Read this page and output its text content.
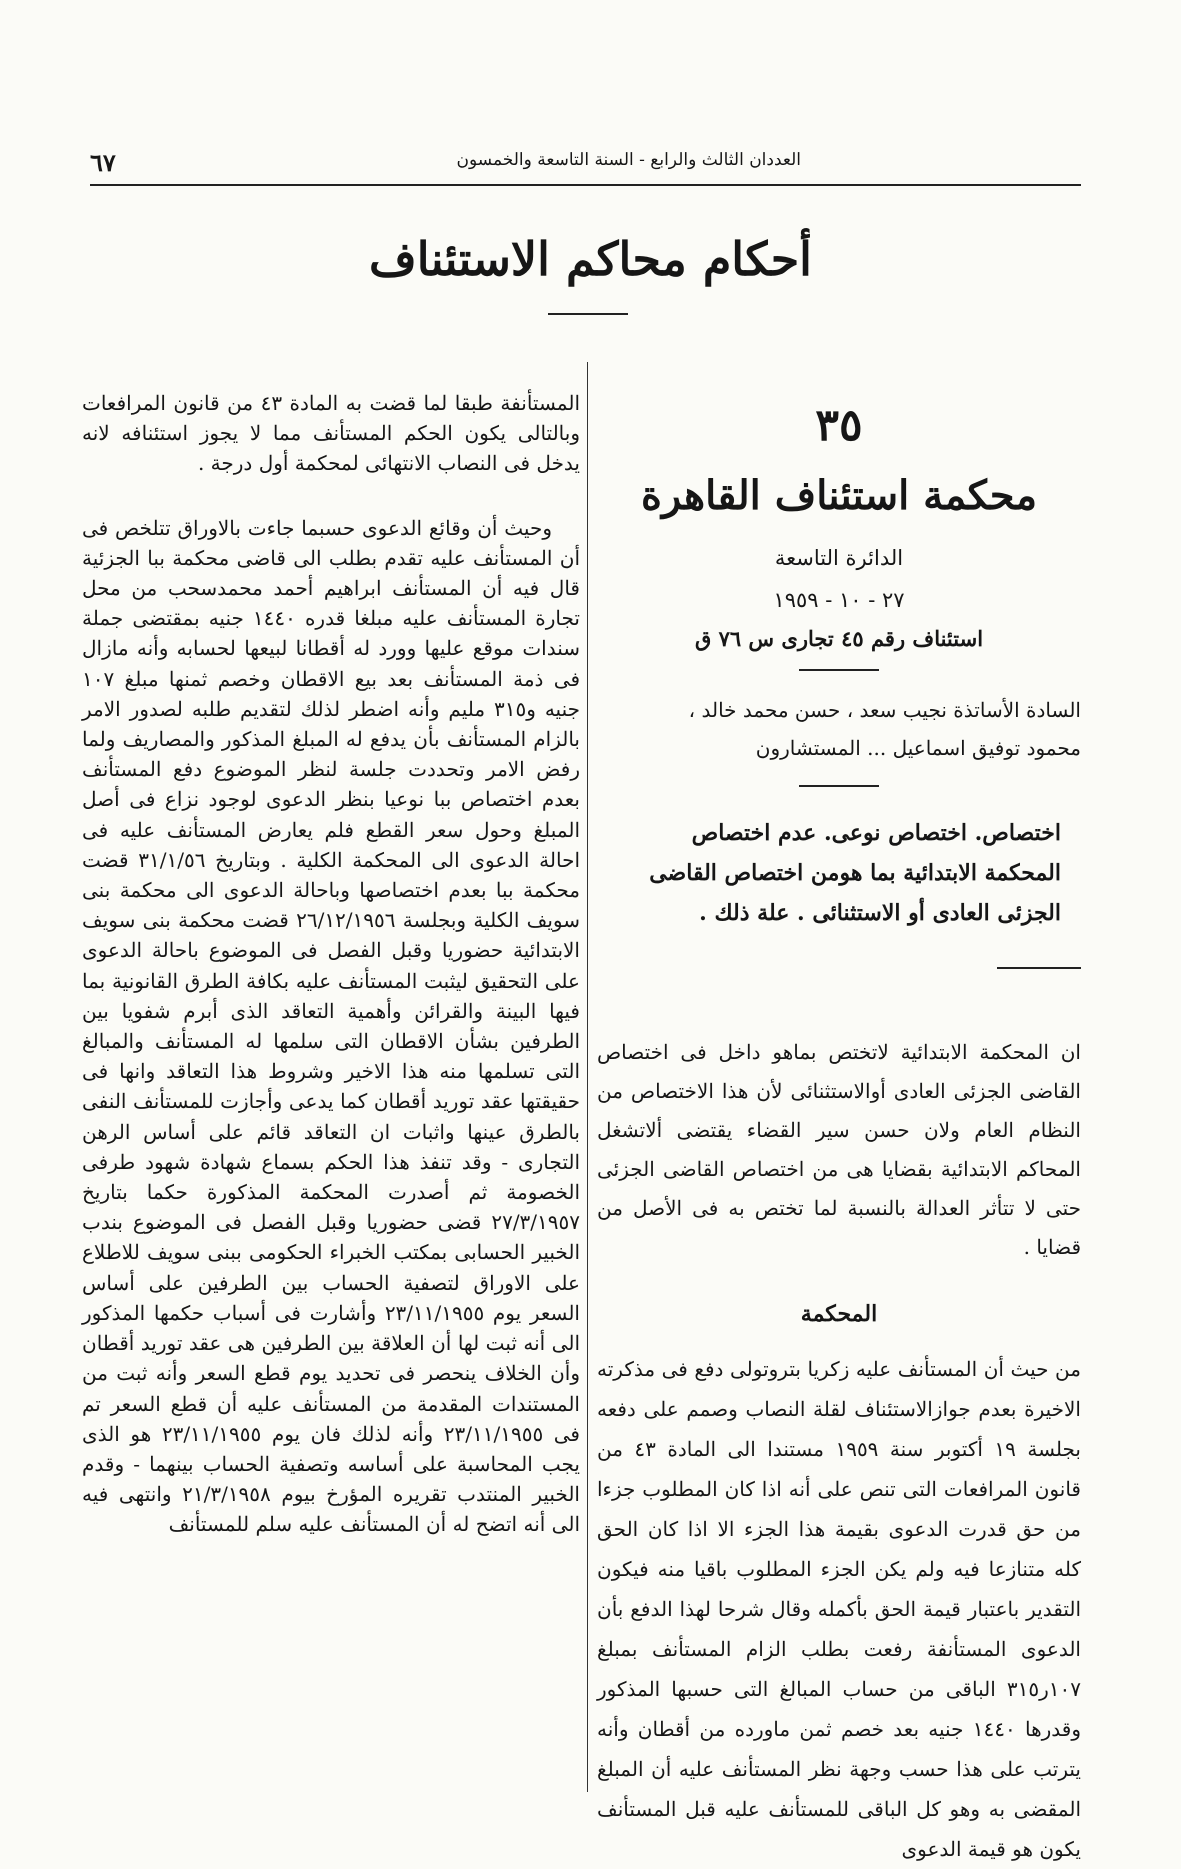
العددان الثالث والرابع - السنة التاسعة والخمسون
٦٧
أحكام محاكم الاستئناف

٣٥

محكمة استئناف القاهرة

الدائرة التاسعة

٢٧ - ١٠ - ١٩٥٩

استئناف رقم ٤٥ تجارى س ٧٦ ق

السادة الأساتذة نجيب سعد ، حسن محمد خالد ،
محمود توفيق اسماعيل ... المستشارون

اختصاص. اختصاص نوعى. عدم اختصاص المحكمة الابتدائية بما هومن اختصاص القاضى الجزئى العادى أو الاستثنائى . علة ذلك .

ان المحكمة الابتدائية لاتختص بماهو داخل فى اختصاص القاضى الجزئى العادى أوالاستثنائى لأن هذا الاختصاص من النظام العام ولان حسن سير القضاء يقتضى ألاتشغل المحاكم الابتدائية بقضايا هى من اختصاص القاضى الجزئى حتى لا تتأثر العدالة بالنسبة لما تختص به فى الأصل من قضايا .

المحكمة

من حيث أن المستأنف عليه زكريا بتروتولى دفع فى مذكرته الاخيرة بعدم جوازالاستئناف لقلة النصاب وصمم على دفعه بجلسة ١٩ أكتوبر سنة ١٩٥٩ مستندا الى المادة ٤٣ من قانون المرافعات التى تنص على أنه اذا كان المطلوب جزءا من حق قدرت الدعوى بقيمة هذا الجزء الا اذا كان الحق كله متنازعا فيه ولم يكن الجزء المطلوب باقيا منه فيكون التقدير باعتبار قيمة الحق بأكمله وقال شرحا لهذا الدفع بأن الدعوى المستأنفة رفعت بطلب الزام المستأنف بمبلغ ١٠٧ر٣١٥ الباقى من حساب المبالغ التى حسبها المذكور وقدرها ١٤٤٠ جنيه بعد خصم ثمن ماورده من أقطان وأنه يترتب على هذا حسب وجهة نظر المستأنف عليه أن المبلغ المقضى به وهو كل الباقى للمستأنف عليه قبل المستأنف يكون هو قيمة الدعوى

المستأنفة طبقا لما قضت به المادة ٤٣ من قانون المرافعات وبالتالى يكون الحكم المستأنف مما لا يجوز استئنافه لانه يدخل فى النصاب الانتهائى لمحكمة أول درجة .

وحيث أن وقائع الدعوى حسبما جاءت بالاوراق تتلخص فى أن المستأنف عليه تقدم بطلب الى قاضى محكمة ببا الجزئية قال فيه أن المستأنف ابراهيم أحمد محمدسحب من محل تجارة المستأنف عليه مبلغا قدره ١٤٤٠ جنيه بمقتضى جملة سندات موقع عليها وورد له أقطانا لبيعها لحسابه وأنه مازال فى ذمة المستأنف بعد بيع الاقطان وخصم ثمنها مبلغ ١٠٧ جنيه و٣١٥ مليم وأنه اضطر لذلك لتقديم طلبه لصدور الامر بالزام المستأنف بأن يدفع له المبلغ المذكور والمصاريف ولما رفض الامر وتحددت جلسة لنظر الموضوع دفع المستأنف بعدم اختصاص ببا نوعيا بنظر الدعوى لوجود نزاع فى أصل المبلغ وحول سعر القطع فلم يعارض المستأنف عليه فى احالة الدعوى الى المحكمة الكلية . وبتاريخ ٣١/١/٥٦ قضت محكمة ببا بعدم اختصاصها وباحالة الدعوى الى محكمة بنى سويف الكلية وبجلسة ٢٦/١٢/١٩٥٦ قضت محكمة بنى سويف الابتدائية حضوريا وقبل الفصل فى الموضوع باحالة الدعوى على التحقيق ليثبت المستأنف عليه بكافة الطرق القانونية بما فيها البينة والقرائن وأهمية التعاقد الذى أبرم شفويا بين الطرفين بشأن الاقطان التى سلمها له المستأنف والمبالغ التى تسلمها منه هذا الاخير وشروط هذا التعاقد وانها فى حقيقتها عقد توريد أقطان كما يدعى وأجازت للمستأنف النفى بالطرق عينها واثبات ان التعاقد قائم على أساس الرهن التجارى - وقد تنفذ هذا الحكم بسماع شهادة شهود طرفى الخصومة ثم أصدرت المحكمة المذكورة حكما بتاريخ ٢٧/٣/١٩٥٧ قضى حضوريا وقبل الفصل فى الموضوع بندب الخبير الحسابى بمكتب الخبراء الحكومى ببنى سويف للاطلاع على الاوراق لتصفية الحساب بين الطرفين على أساس السعر يوم ٢٣/١١/١٩٥٥ وأشارت فى أسباب حكمها المذكور الى أنه ثبت لها أن العلاقة بين الطرفين هى عقد توريد أقطان وأن الخلاف ينحصر فى تحديد يوم قطع السعر وأنه ثبت من المستندات المقدمة من المستأنف عليه أن قطع السعر تم فى ٢٣/١١/١٩٥٥ وأنه لذلك فان يوم ٢٣/١١/١٩٥٥ هو الذى يجب المحاسبة على أساسه وتصفية الحساب بينهما - وقدم الخبير المنتدب تقريره المؤرخ بيوم ٢١/٣/١٩٥٨ وانتهى فيه الى أنه اتضح له أن المستأنف عليه سلم للمستأنف
